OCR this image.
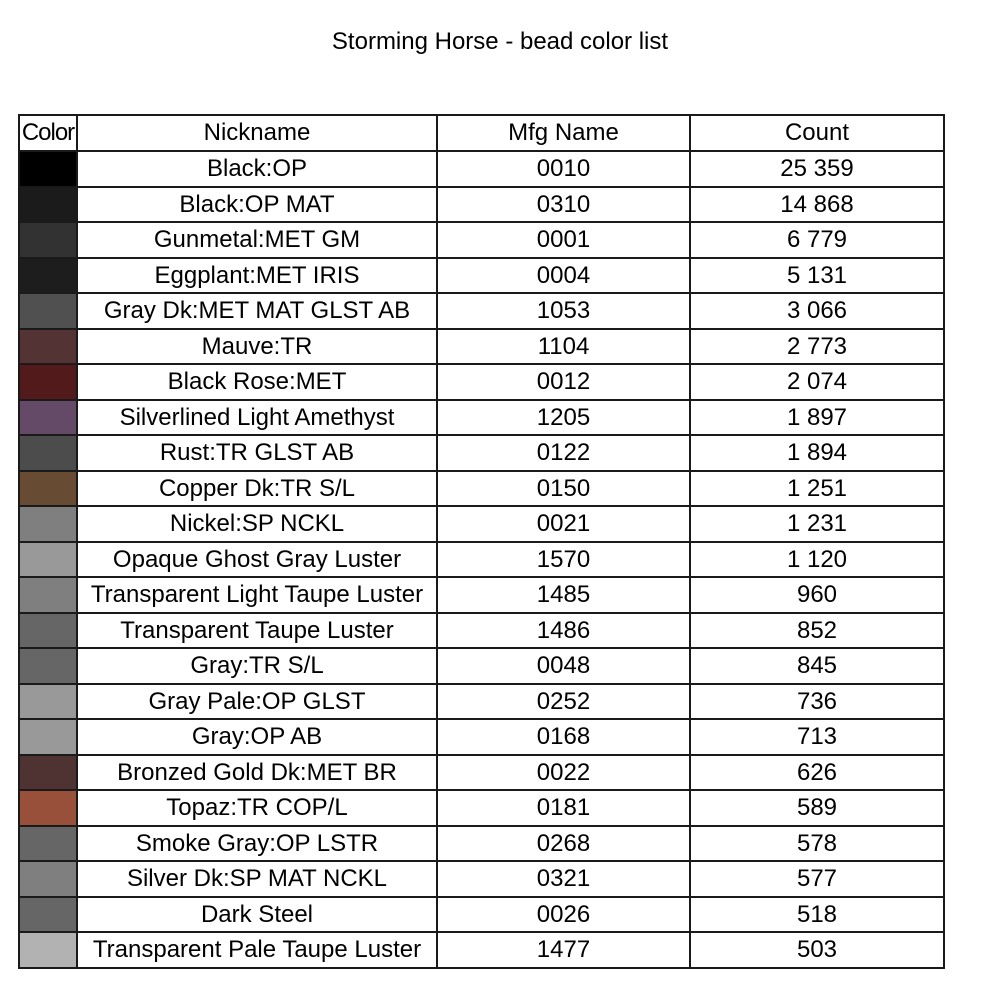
Storming Horse - bead color list
Color	Nickname	Mfg Name	Count
	Black:OP	0010	25 359
	Black:OP MAT	0310	14 868
	Gunmetal:MET GM	0001	6 779
	Eggplant:MET IRIS	0004	5 131
	Gray Dk:MET MAT GLST AB	1053	3 066
	Mauve:TR	1104	2 773
	Black Rose:MET	0012	2 074
	Silverlined Light Amethyst	1205	1 897
	Rust:TR GLST AB	0122	1 894
	Copper Dk:TR S/L	0150	1 251
	Nickel:SP NCKL	0021	1 231
	Opaque Ghost Gray Luster	1570	1 120
	Transparent Light Taupe Luster	1485	960
	Transparent Taupe Luster	1486	852
	Gray:TR S/L	0048	845
	Gray Pale:OP GLST	0252	736
	Gray:OP AB	0168	713
	Bronzed Gold Dk:MET BR	0022	626
	Topaz:TR COP/L	0181	589
	Smoke Gray:OP LSTR	0268	578
	Silver Dk:SP MAT NCKL	0321	577
	Dark Steel	0026	518
	Transparent Pale Taupe Luster	1477	503
